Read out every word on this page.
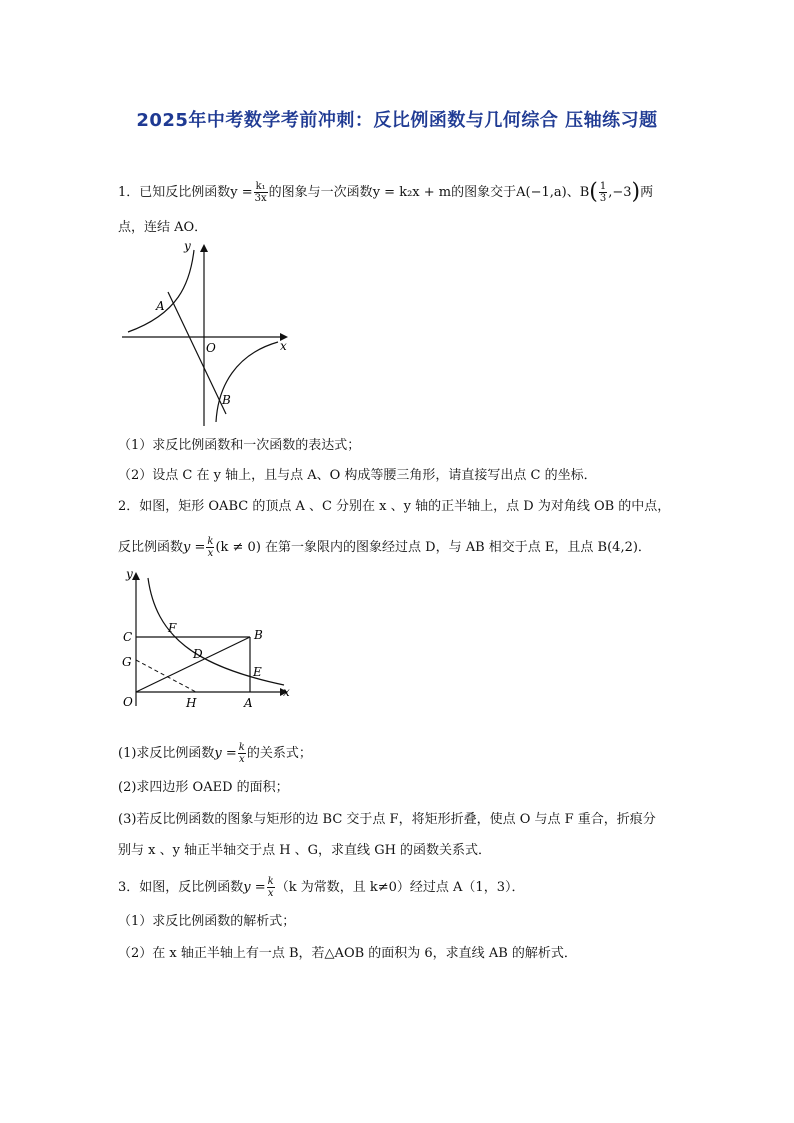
2025年中考数学考前冲刺：反比例函数与几何综合 压轴练习题
1．已知反比例函数$y = \frac{\text{k₁}}{3x}$ 的图象与一次函数y = k₂x + m的图象交于A(−1,a)、$B( \frac{1}{3} ,-3)$两
点，连结 AO．
y
x
O
A
B
（1）求反比例函数和一次函数的表达式；
（2）设点 C 在 y 轴上，且与点 A、O 构成等腰三角形，请直接写出点 C 的坐标．
2．如图，矩形 OABC 的顶点 A 、C 分别在 x 、y 轴的正半轴上，点 D 为对角线 OB 的中点，
反比例函数$y = \frac{k}{x} (k \ne 0)$ 在第一象限内的图象经过点 D，与 AB 相交于点 E，且点 B(4,2)．
y
x
O
C
F	B
G
D
E
H	A
(1)求反比例函数$y = \frac{k}{x}$ 的关系式；
(2)求四边形 OAED 的面积；
(3)若反比例函数的图象与矩形的边 BC 交于点 F，将矩形折叠，使点 O 与点 F 重合，折痕分
别与 x 、y 轴正半轴交于点 H 、G，求直线 GH 的函数关系式．
3．如图，反比例函数$y = \frac{k}{x} (k$ 为常数，且 k≠0）经过点 A（1，3）．
（1）求反比例函数的解析式；
（2）在 x 轴正半轴上有一点 B，若△AOB 的面积为 6，求直线 AB 的解析式．
